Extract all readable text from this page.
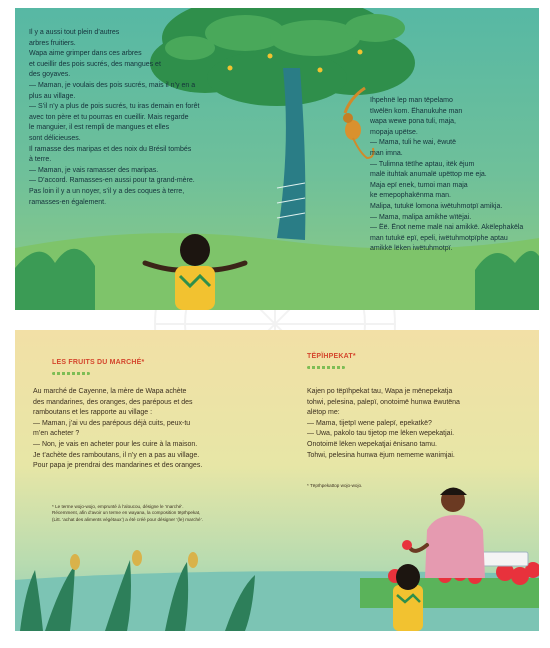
Il y a aussi tout plein d’autres

arbres fruitiers.

Wapa aime grimper dans ces arbres

et cueillir des pois sucrés, des mangues et

des goyaves.

— Maman, je voulais des pois sucrés, mais il n’y en a

plus au village.

— S’il n’y a plus de pois sucrés, tu iras demain en forêt

avec ton père et tu pourras en cueillir. Mais regarde

le manguier, il est rempli de mangues et elles

sont délicieuses.

Il ramasse des maripas et des noix du Brésil tombés

à terre.

— Maman, je vais ramasser des maripas.

— D’accord. Ramasses-en aussi pour ta grand-mère.

Pas loin il y a un noyer, s’il y a des coques à terre,

ramasses-en également.

Ihpehnë lep man tëpelamo

tïwëlën kom. Ëhanukuhe man

wapa wewe pona tuli, maja,

mopaja upëtse.

— Mama, tuli he wai, ëwutë

man imna.

— Tulimna tëtïhe aptau, itëk ëjum

malë ituhtak anumalë upëttop me eja.

Maja epï enek, tumoi man maja

ke emepophakënma man.

Malipa, tutukë lomona iwëtuhmotpï amikja.

— Mama, malipa amikhe wïtëjai.

— Ëë. Ënot neme malë nai amikkë. Akëlephakëla

man tutukë epï, epeli, iwëtuhmotpïphe aptau

amikkë lëken iwëtuhmotpï.

LES FRUITS DU MARCHÉ*

Au marché de Cayenne, la mère de Wapa achète

des mandarines, des oranges, des parépous et des

ramboutans et les rapporte au village :

— Maman, j’ai vu des parépous déjà cuits, peux-tu

m’en acheter ?

— Non, je vais en acheter pour les cuire à la maison.

Je t’achète des ramboutans, il n’y en a pas au village.

Pour papa je prendrai des mandarines et des oranges.

* Le terme wojo-wojo, emprunté à l’aloucou, désigne le ‘marché’.

Récemment, afin d’avoir un terme en wayana, la composition tëpïhpekat,

(Litt. ‘achat des aliments végétaux’) a été créé pour désigner ‘(le) marché’.

TËPÏHPEKAT*

Kajen po tëpïhpekat tau, Wapa je mënepekatja

tohwi, pelesina, palepï, onotoimë hunwa ëwutëna

alëtop me:

— Mama, tijetpï wene palepï, epekatkë?

— Uwa, pakolo tau tijetop me lëken wepekatjai.

Onotoimë lëken wepekatjai ënisano tamu.

Tohwi, pelesina hunwa ëjum nememe wanimjai.

* Tëpïhpekattop wojo-wojo.
